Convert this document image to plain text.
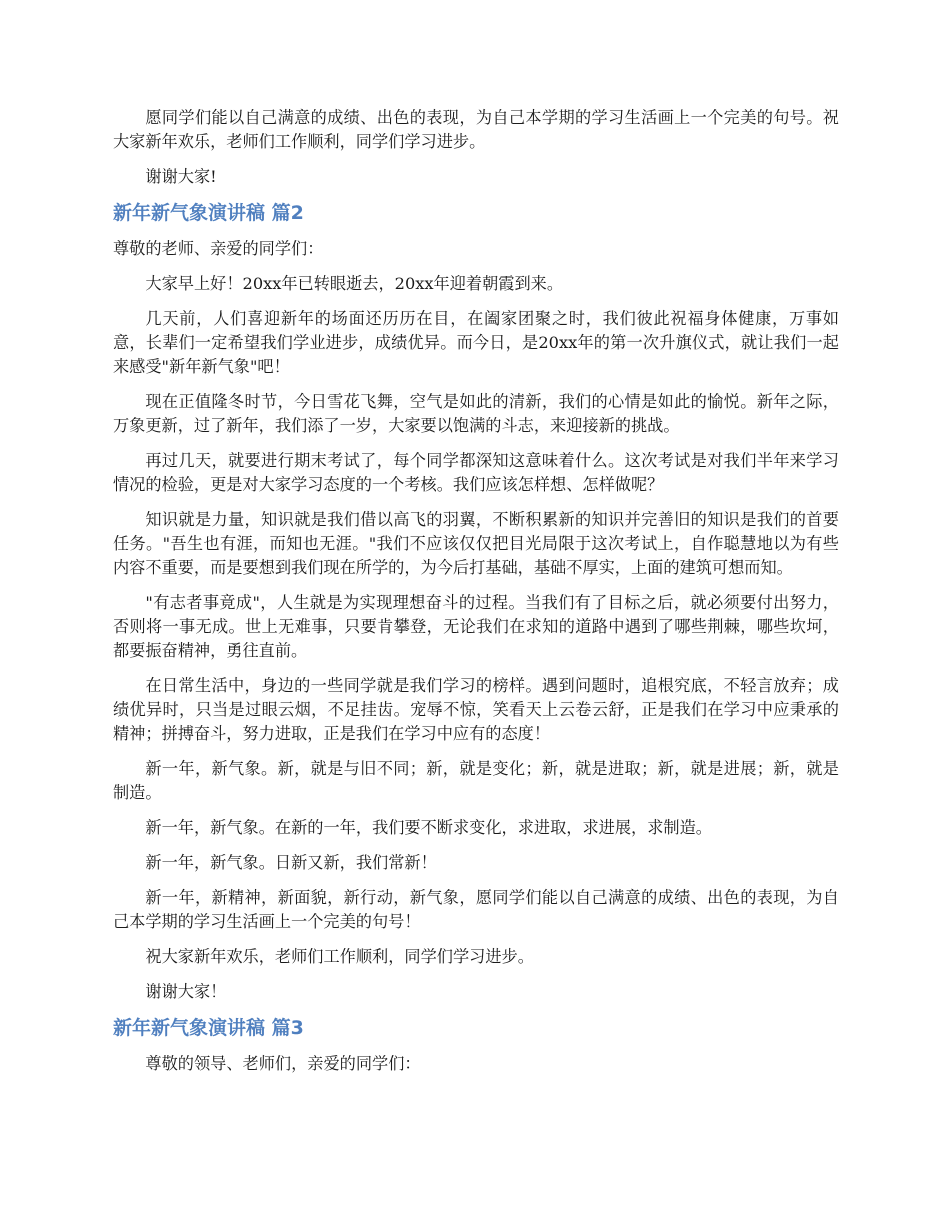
愿同学们能以自己满意的成绩、出色的表现，为自己本学期的学习生活画上一个完美的句号。祝大家新年欢乐，老师们工作顺利，同学们学习进步。

谢谢大家!

新年新气象演讲稿 篇2

尊敬的老师、亲爱的同学们：

大家早上好！20xx年已转眼逝去，20xx年迎着朝霞到来。

几天前，人们喜迎新年的场面还历历在目，在阖家团聚之时，我们彼此祝福身体健康，万事如意，长辈们一定希望我们学业进步，成绩优异。而今日，是20xx年的第一次升旗仪式，就让我们一起来感受"新年新气象"吧！

现在正值隆冬时节，今日雪花飞舞，空气是如此的清新，我们的心情是如此的愉悦。新年之际，万象更新，过了新年，我们添了一岁，大家要以饱满的斗志，来迎接新的挑战。

再过几天，就要进行期末考试了，每个同学都深知这意味着什么。这次考试是对我们半年来学习情况的检验，更是对大家学习态度的一个考核。我们应该怎样想、怎样做呢？

知识就是力量，知识就是我们借以高飞的羽翼，不断积累新的知识并完善旧的知识是我们的首要任务。"吾生也有涯，而知也无涯。"我们不应该仅仅把目光局限于这次考试上，自作聪慧地以为有些内容不重要，而是要想到我们现在所学的，为今后打基础，基础不厚实，上面的建筑可想而知。

"有志者事竟成"，人生就是为实现理想奋斗的过程。当我们有了目标之后，就必须要付出努力，否则将一事无成。世上无难事，只要肯攀登，无论我们在求知的道路中遇到了哪些荆棘，哪些坎坷，都要振奋精神，勇往直前。

在日常生活中，身边的一些同学就是我们学习的榜样。遇到问题时，追根究底，不轻言放弃；成绩优异时，只当是过眼云烟，不足挂齿。宠辱不惊，笑看天上云卷云舒，正是我们在学习中应秉承的精神；拼搏奋斗，努力进取，正是我们在学习中应有的态度！

新一年，新气象。新，就是与旧不同；新，就是变化；新，就是进取；新，就是进展；新，就是制造。

新一年，新气象。在新的一年，我们要不断求变化，求进取，求进展，求制造。

新一年，新气象。日新又新，我们常新！

新一年，新精神，新面貌，新行动，新气象，愿同学们能以自己满意的成绩、出色的表现，为自己本学期的学习生活画上一个完美的句号！

祝大家新年欢乐，老师们工作顺利，同学们学习进步。

谢谢大家！

新年新气象演讲稿 篇3

尊敬的领导、老师们，亲爱的同学们：
